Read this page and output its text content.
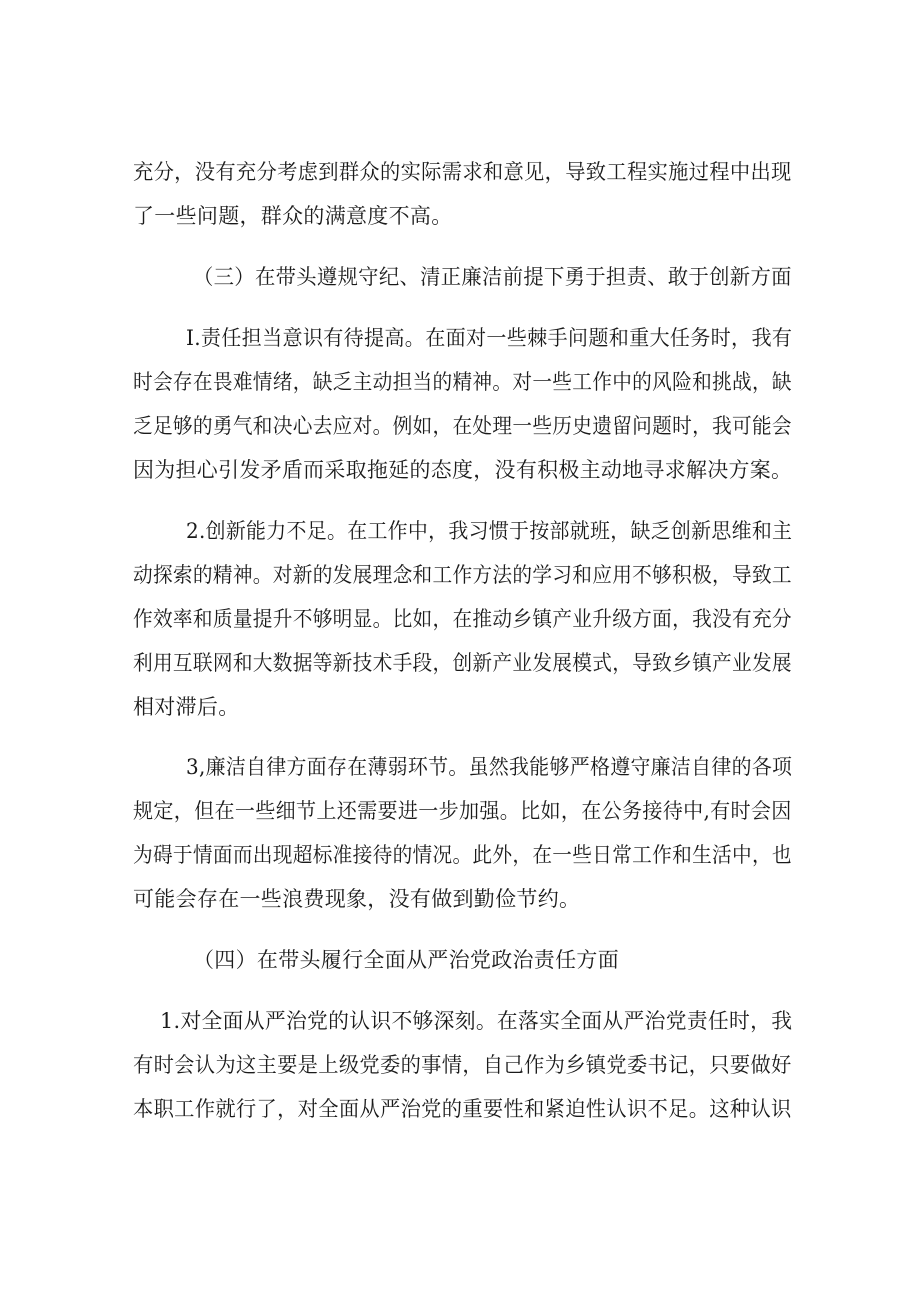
充分，没有充分考虑到群众的实际需求和意见，导致工程实施过程中出现
了一些问题，群众的满意度不高。
（三）在带头遵规守纪、清正廉洁前提下勇于担责、敢于创新方面
I.责任担当意识有待提高。在面对一些棘手问题和重大任务时，我有
时会存在畏难情绪，缺乏主动担当的精神。对一些工作中的风险和挑战，缺
乏足够的勇气和决心去应对。例如，在处理一些历史遗留问题时，我可能会
因为担心引发矛盾而采取拖延的态度，没有积极主动地寻求解决方案。
2.创新能力不足。在工作中，我习惯于按部就班，缺乏创新思维和主
动探索的精神。对新的发展理念和工作方法的学习和应用不够积极，导致工
作效率和质量提升不够明显。比如，在推动乡镇产业升级方面，我没有充分
利用互联网和大数据等新技术手段，创新产业发展模式，导致乡镇产业发展
相对滞后。
3,廉洁自律方面存在薄弱环节。虽然我能够严格遵守廉洁自律的各项
规定，但在一些细节上还需要进一步加强。比如，在公务接待中,有时会因
为碍于情面而出现超标准接待的情况。此外，在一些日常工作和生活中，也
可能会存在一些浪费现象，没有做到勤俭节约。
（四）在带头履行全面从严治党政治责任方面
1.对全面从严治党的认识不够深刻。在落实全面从严治党责任时，我
有时会认为这主要是上级党委的事情，自己作为乡镇党委书记，只要做好
本职工作就行了，对全面从严治党的重要性和紧迫性认识不足。这种认识
